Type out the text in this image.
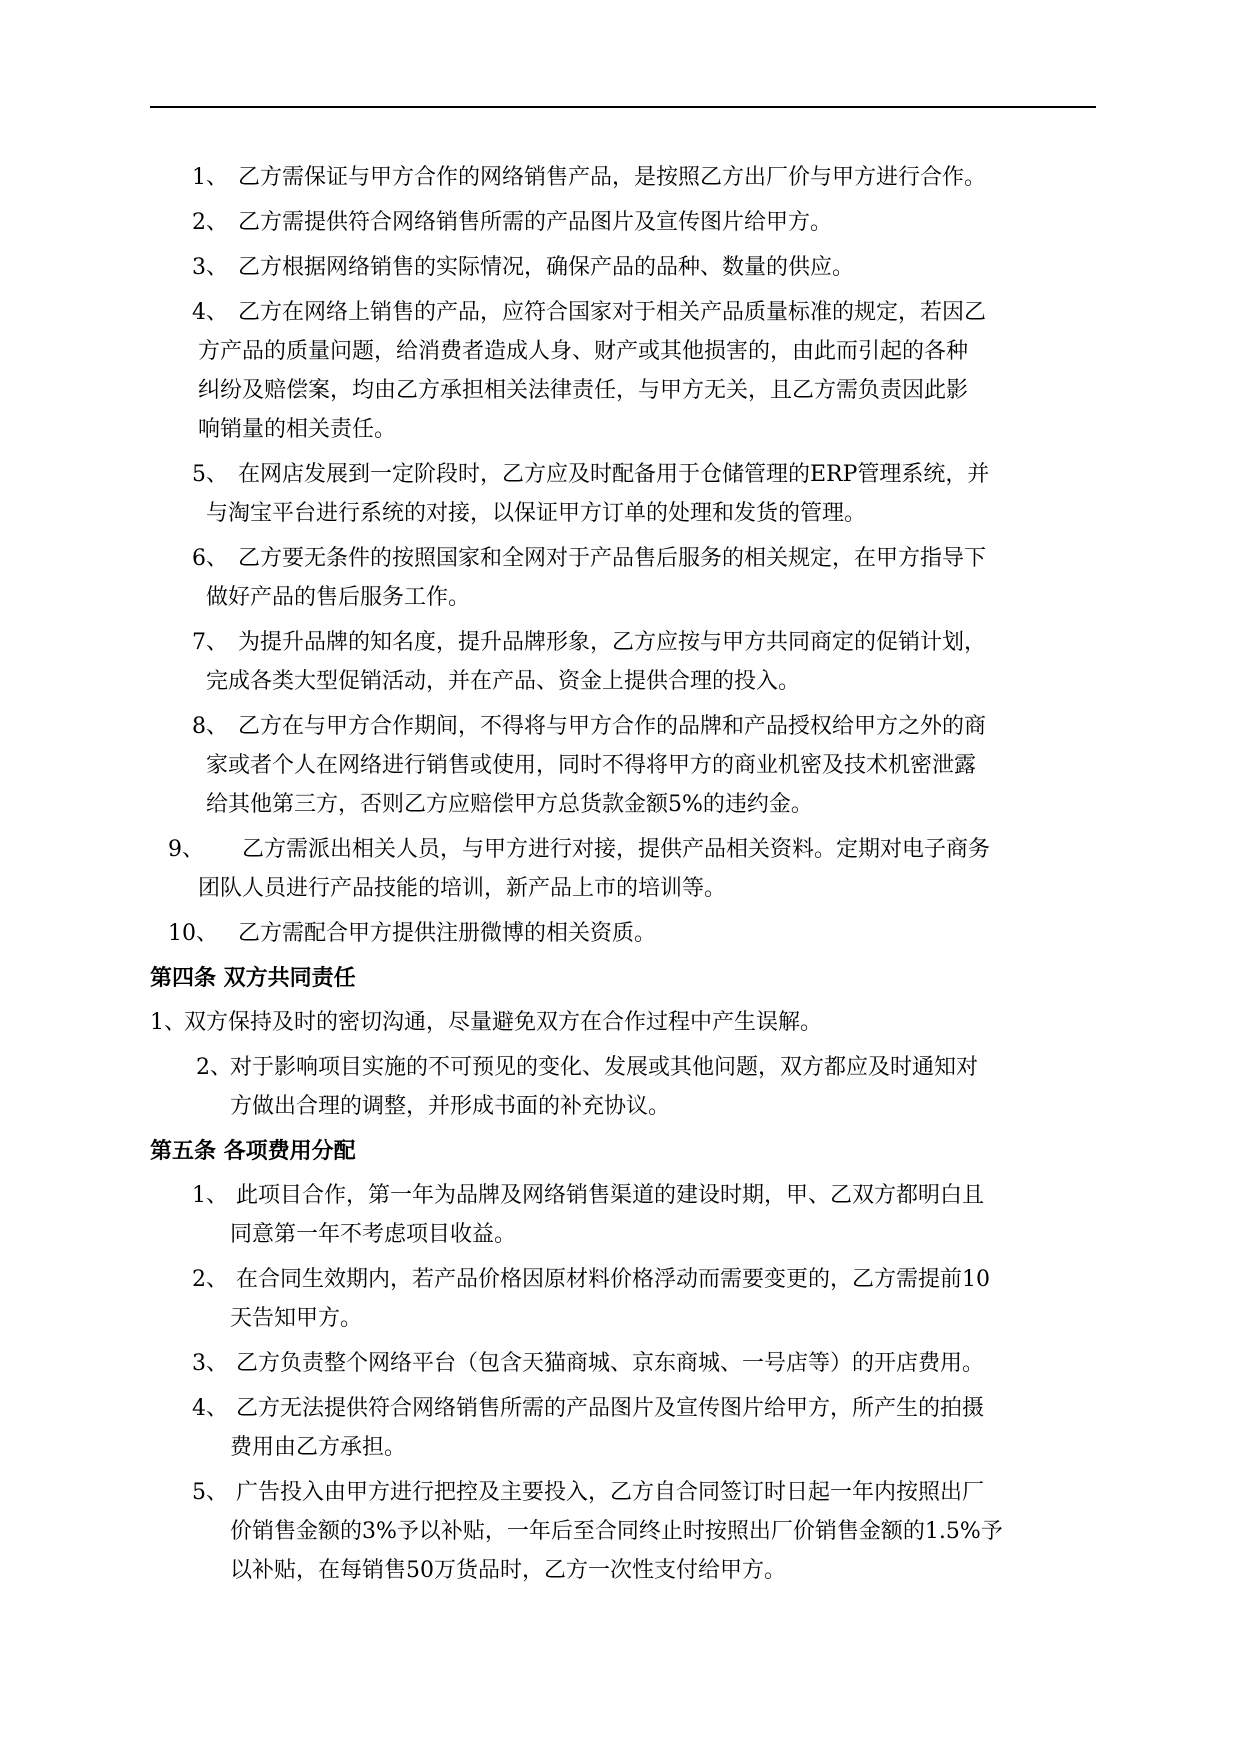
1、 乙方需保证与甲方合作的网络销售产品，是按照乙方出厂价与甲方进行合作。
2、 乙方需提供符合网络销售所需的产品图片及宣传图片给甲方。
3、 乙方根据网络销售的实际情况，确保产品的品种、数量的供应。
4、 乙方在网络上销售的产品，应符合国家对于相关产品质量标准的规定，若因乙
方产品的质量问题，给消费者造成人身、财产或其他损害的，由此而引起的各种
纠纷及赔偿案，均由乙方承担相关法律责任，与甲方无关，且乙方需负责因此影
响销量的相关责任。
5、 在网店发展到一定阶段时，乙方应及时配备用于仓储管理的ERP管理系统，并
与淘宝平台进行系统的对接，以保证甲方订单的处理和发货的管理。
6、 乙方要无条件的按照国家和全网对于产品售后服务的相关规定，在甲方指导下
做好产品的售后服务工作。
7、 为提升品牌的知名度，提升品牌形象，乙方应按与甲方共同商定的促销计划，
完成各类大型促销活动，并在产品、资金上提供合理的投入。
8、 乙方在与甲方合作期间，不得将与甲方合作的品牌和产品授权给甲方之外的商
家或者个人在网络进行销售或使用，同时不得将甲方的商业机密及技术机密泄露
给其他第三方，否则乙方应赔偿甲方总货款金额5%的违约金。
9、 乙方需派出相关人员，与甲方进行对接，提供产品相关资料。定期对电子商务
团队人员进行产品技能的培训，新产品上市的培训等。
10、 乙方需配合甲方提供注册微博的相关资质。
第四条 双方共同责任
1、
双方保持及时的密切沟通，尽量避免双方在合作过程中产生误解。
2、
对于影响项目实施的不可预见的变化、发展或其他问题，双方都应及时通知对
方做出合理的调整，并形成书面的补充协议。
第五条 各项费用分配
1、 此项目合作，第一年为品牌及网络销售渠道的建设时期，甲、乙双方都明白且
同意第一年不考虑项目收益。
2、 在合同生效期内，若产品价格因原材料价格浮动而需要变更的，乙方需提前10
天告知甲方。
3、 乙方负责整个网络平台（包含天猫商城、京东商城、一号店等）的开店费用。
4、 乙方无法提供符合网络销售所需的产品图片及宣传图片给甲方，所产生的拍摄
费用由乙方承担。
5、 广告投入由甲方进行把控及主要投入，乙方自合同签订时日起一年内按照出厂
价销售金额的3%予以补贴，一年后至合同终止时按照出厂价销售金额的1.5%予
以补贴，在每销售50万货品时，乙方一次性支付给甲方。
